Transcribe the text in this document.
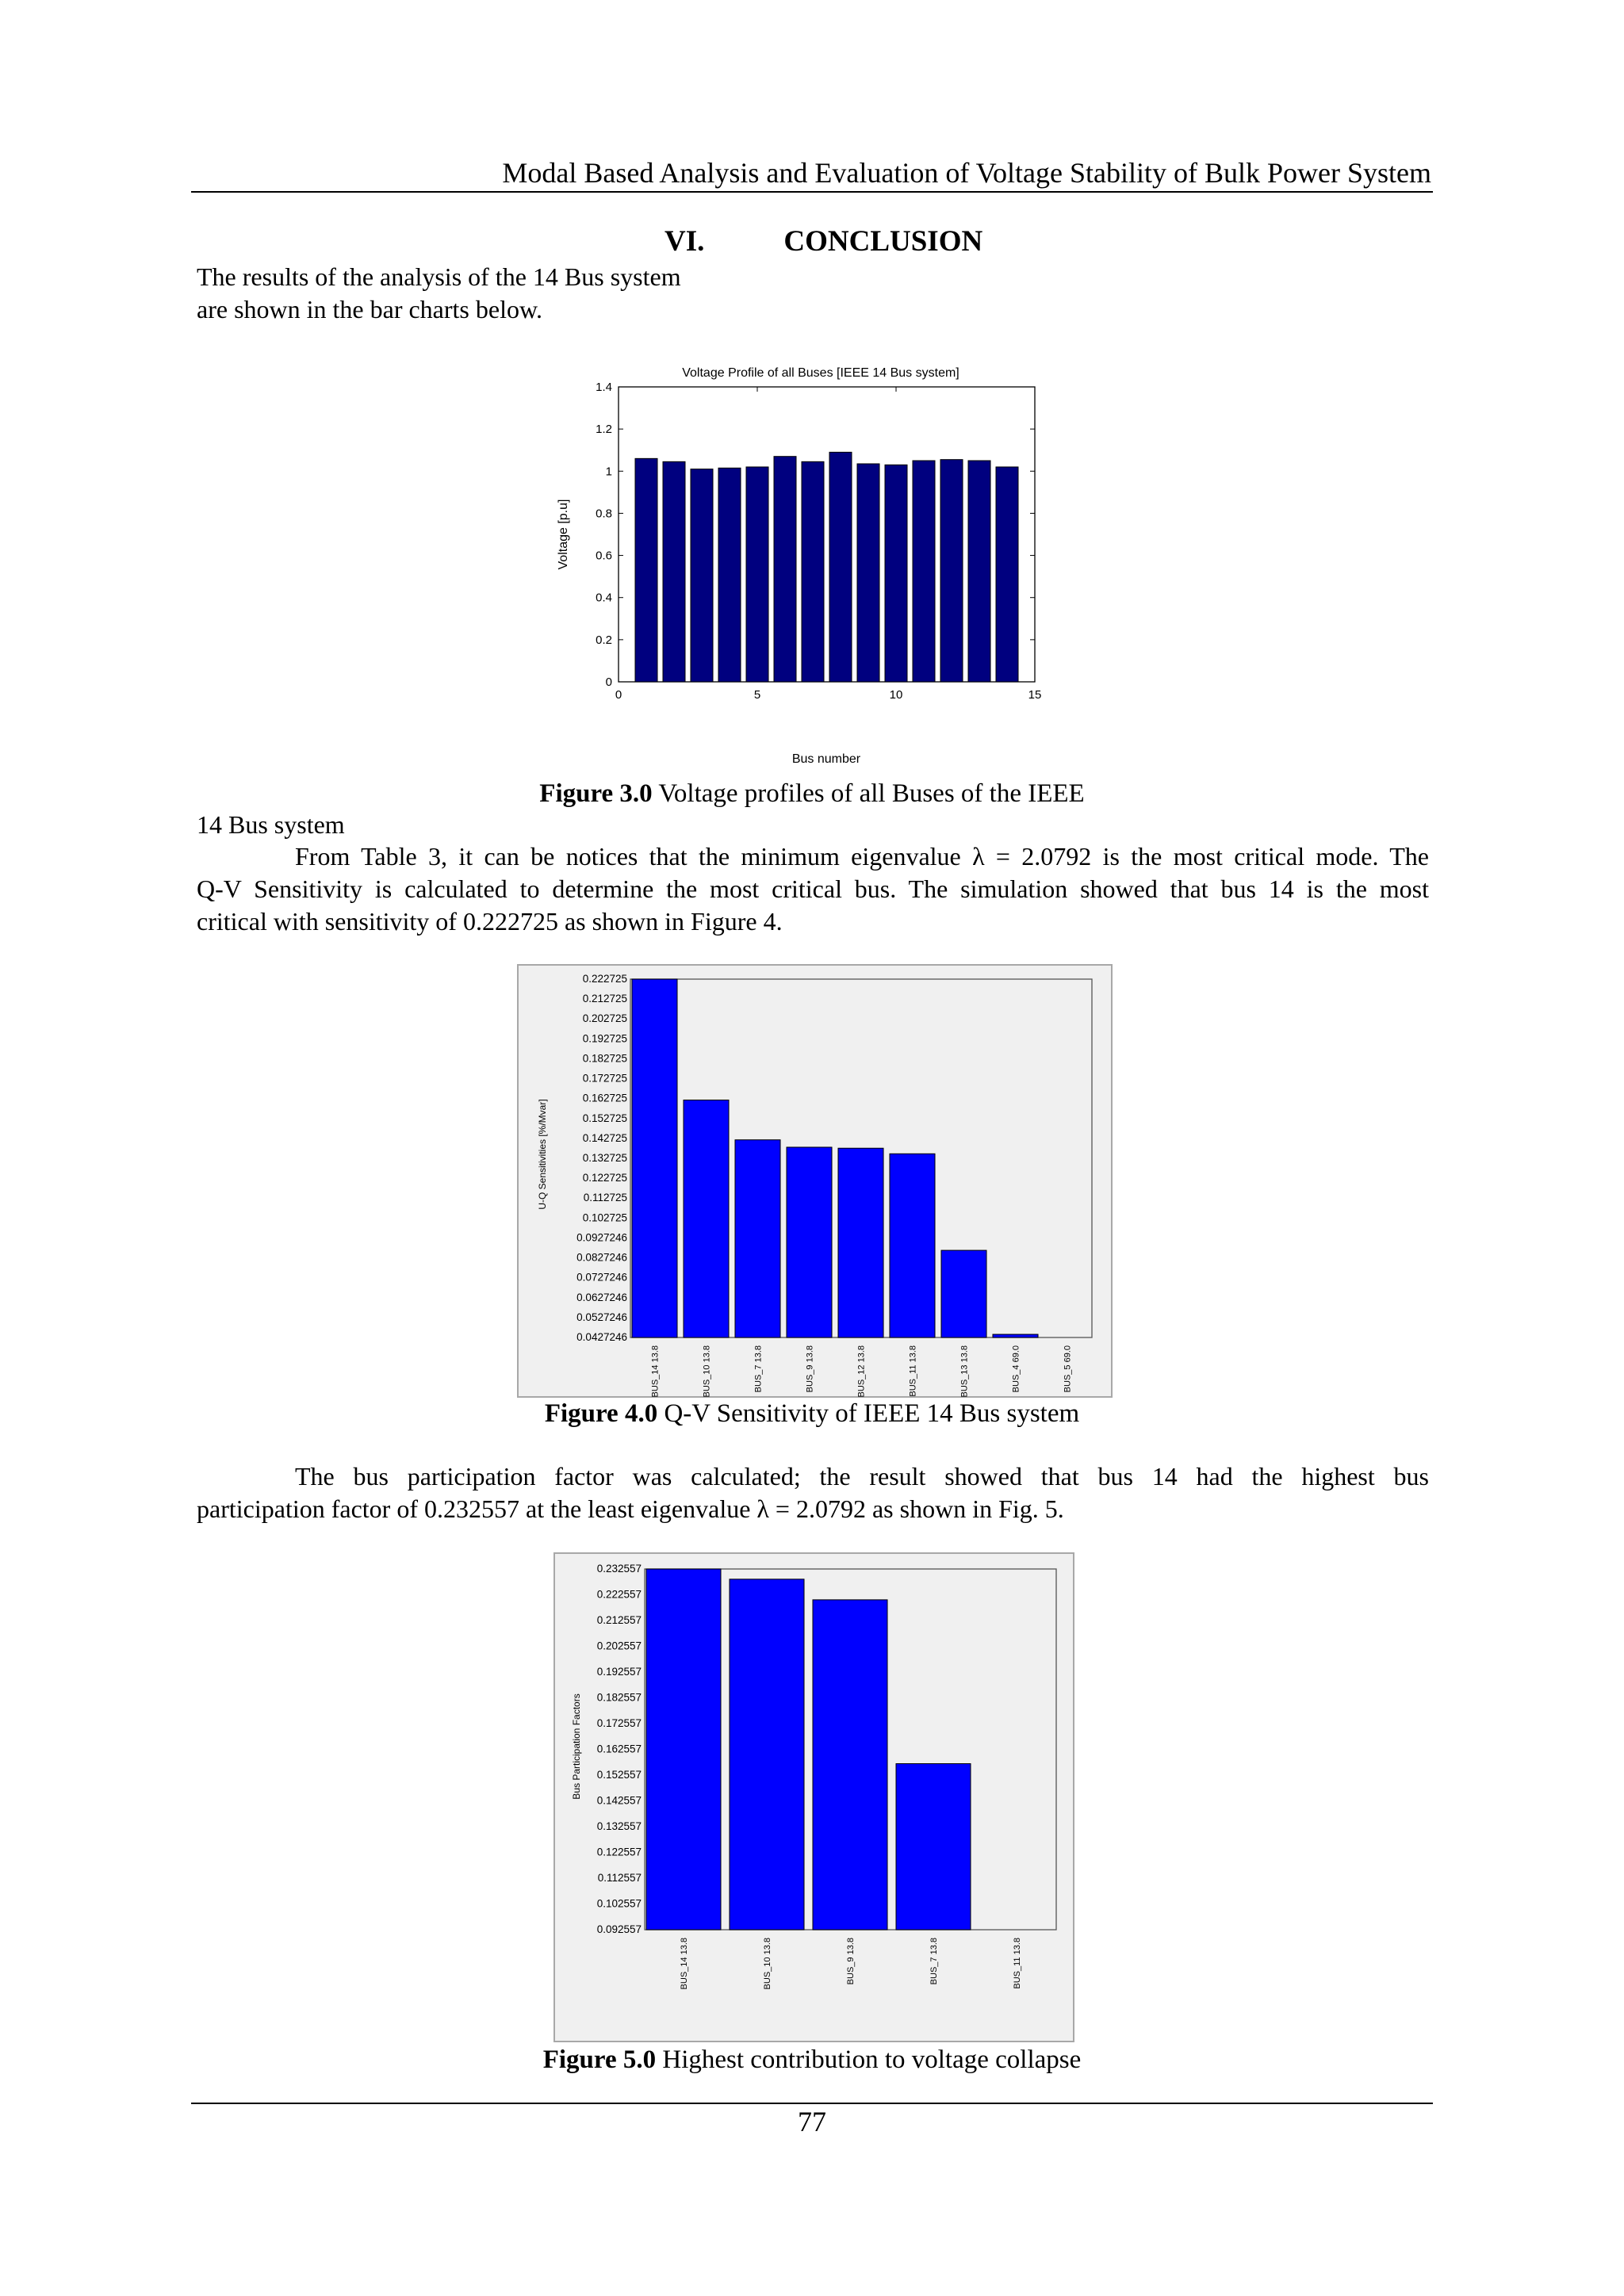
Modal Based Analysis and Evaluation of Voltage Stability of Bulk Power System
VI.	CONCLUSION
The results of the analysis of the 14 Bus system
are shown in the bar charts below.
Voltage Profile of all Buses [IEEE 14 Bus system]
0
0.2
0.4
0.6
0.8
1
1.2
1.4
0	5	10	15
Voltage [p.u]
Bus number
Figure 3.0 Voltage profiles of all Buses of the IEEE
14 Bus system
From Table 3, it can be notices that the minimum eigenvalue λ = 2.0792 is the most critical mode. The
Q-V Sensitivity is calculated to determine the most critical bus. The simulation showed that bus 14 is the most
critical with sensitivity of 0.222725 as shown in Figure 4.
0.222725
0.212725
0.202725
0.192725
0.182725
0.172725
0.162725
0.152725
0.142725
0.132725
0.122725
0.112725
0.102725
0.0927246
0.0827246
0.0727246
0.0627246
0.0527246
0.0427246
BUS_14 13.8	BUS_10 13.8	BUS_7 13.8	BUS_9 13.8	BUS_12 13.8	BUS_11 13.8	BUS_13 13.8	BUS_4 69.0	BUS_5 69.0
U-Q Sensitivities [%/Mvar]
Figure 4.0 Q-V Sensitivity of IEEE 14 Bus system
The bus participation factor was calculated; the result showed that bus 14 had the highest bus
participation factor of 0.232557 at the least eigenvalue λ = 2.0792 as shown in Fig. 5.
0.232557
0.222557
0.212557
0.202557
0.192557
0.182557
0.172557
0.162557
0.152557
0.142557
0.132557
0.122557
0.112557
0.102557
0.092557
BUS_14 13.8	BUS_10 13.8	BUS_9 13.8	BUS_7 13.8	BUS_11 13.8
Bus Participation Factors
Figure 5.0 Highest contribution to voltage collapse
77
